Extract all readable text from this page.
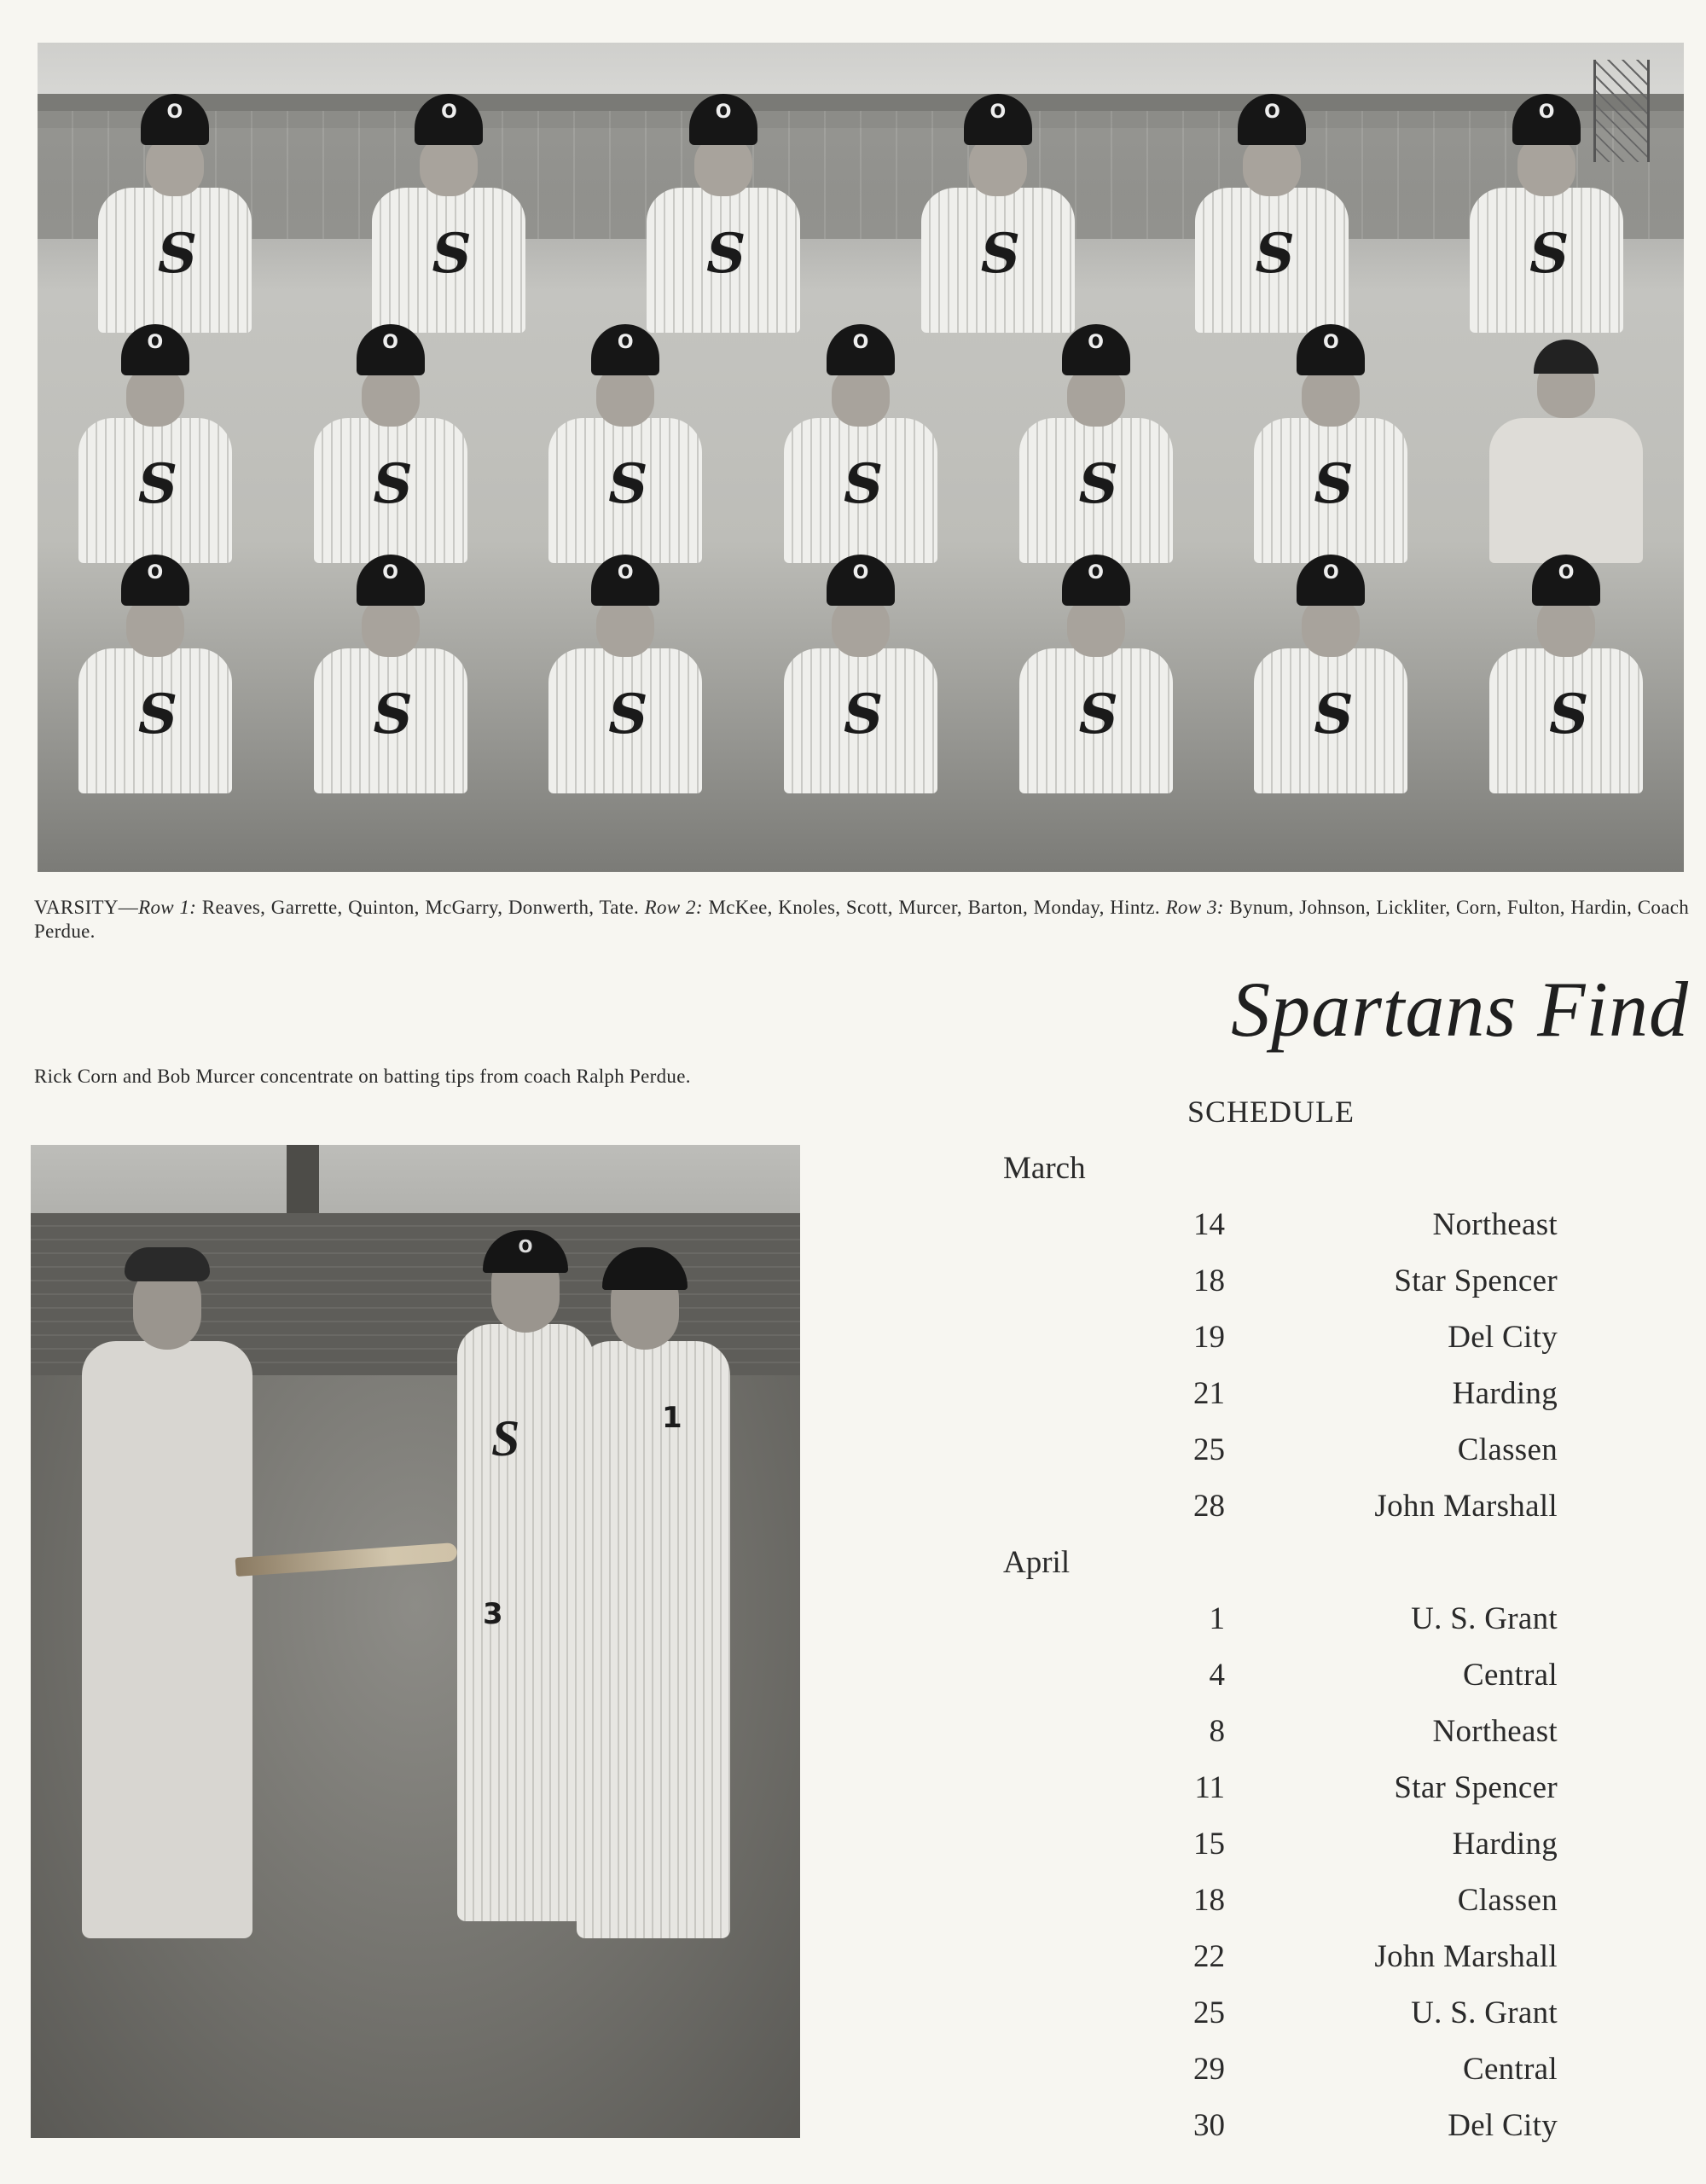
O
S
O
S
O
S
O
S
O
S
O
S
O
S
O
S
O
S
O
S
O
S
O
S
O
S
O
S
O
S
O
S
O
S
O
S
O
S
VARSITY—Row 1: Reaves, Garrette, Quinton, McGarry, Donwerth, Tate. Row 2: McKee, Knoles, Scott, Murcer, Barton, Monday, Hintz. Row 3: Bynum, Johnson, Lickliter, Corn, Fulton, Hardin, Coach Perdue.
Rick Corn and Bob Murcer concentrate on batting tips from coach Ralph Perdue.
O
S
3
1
Spartans Find
SCHEDULE
March
14	Northeast
18	Star Spencer
19	Del City
21	Harding
25	Classen
28	John Marshall
April
1	U. S. Grant
4	Central
8	Northeast
11	Star Spencer
15	Harding
18	Classen
22	John Marshall
25	U. S. Grant
29	Central
30	Del City
